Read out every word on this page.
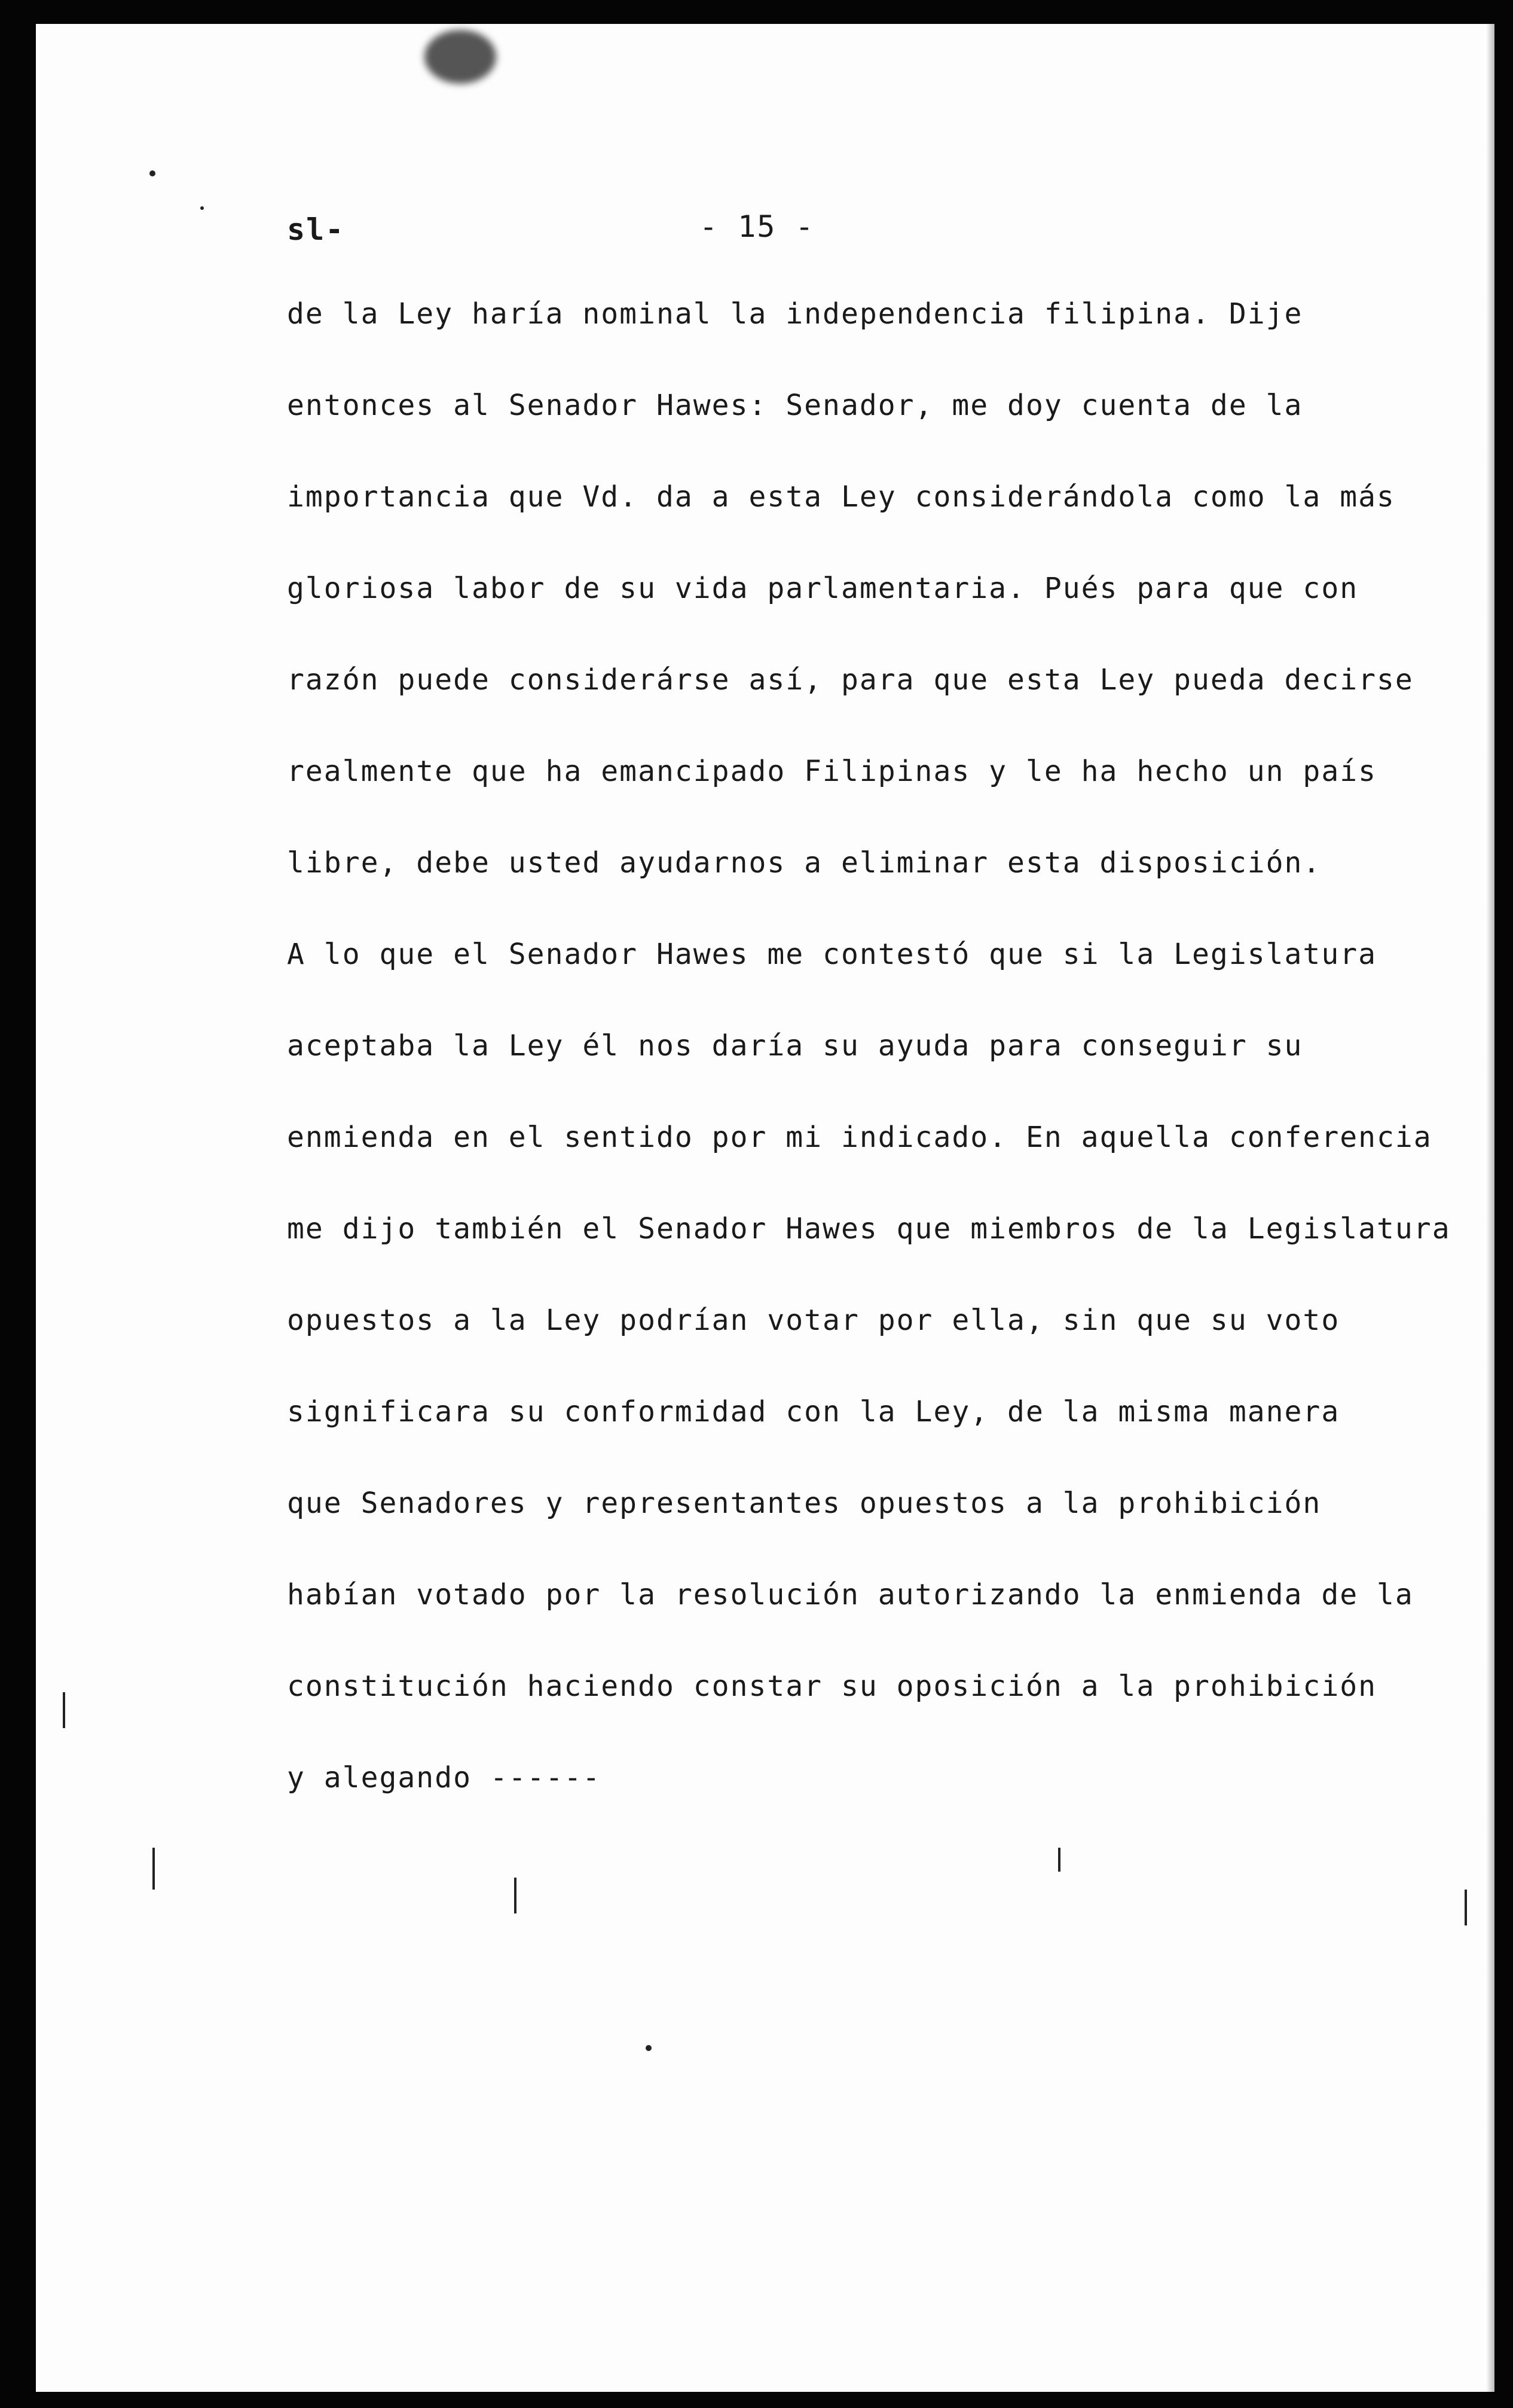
sl-	- 15 -
de la Ley haría nominal la independencia filipina. Dije
entonces al Senador Hawes: Senador, me doy cuenta de la
importancia que Vd. da a esta Ley considerándola como la más
gloriosa labor de su vida parlamentaria. Pués para que con
razón puede considerárse así, para que esta Ley pueda decirse
realmente que ha emancipado Filipinas y le ha hecho un país
libre, debe usted ayudarnos a eliminar esta disposición.
A lo que el Senador Hawes me contestó que si la Legislatura
aceptaba la Ley él nos daría su ayuda para conseguir su
enmienda en el sentido por mi indicado. En aquella conferencia
me dijo también el Senador Hawes que miembros de la Legislatura
opuestos a la Ley podrían votar por ella, sin que su voto
significara su conformidad con la Ley, de la misma manera
que Senadores y representantes opuestos a la prohibición
habían votado por la resolución autorizando la enmienda de la
constitución haciendo constar su oposición a la prohibición
y alegando ------
